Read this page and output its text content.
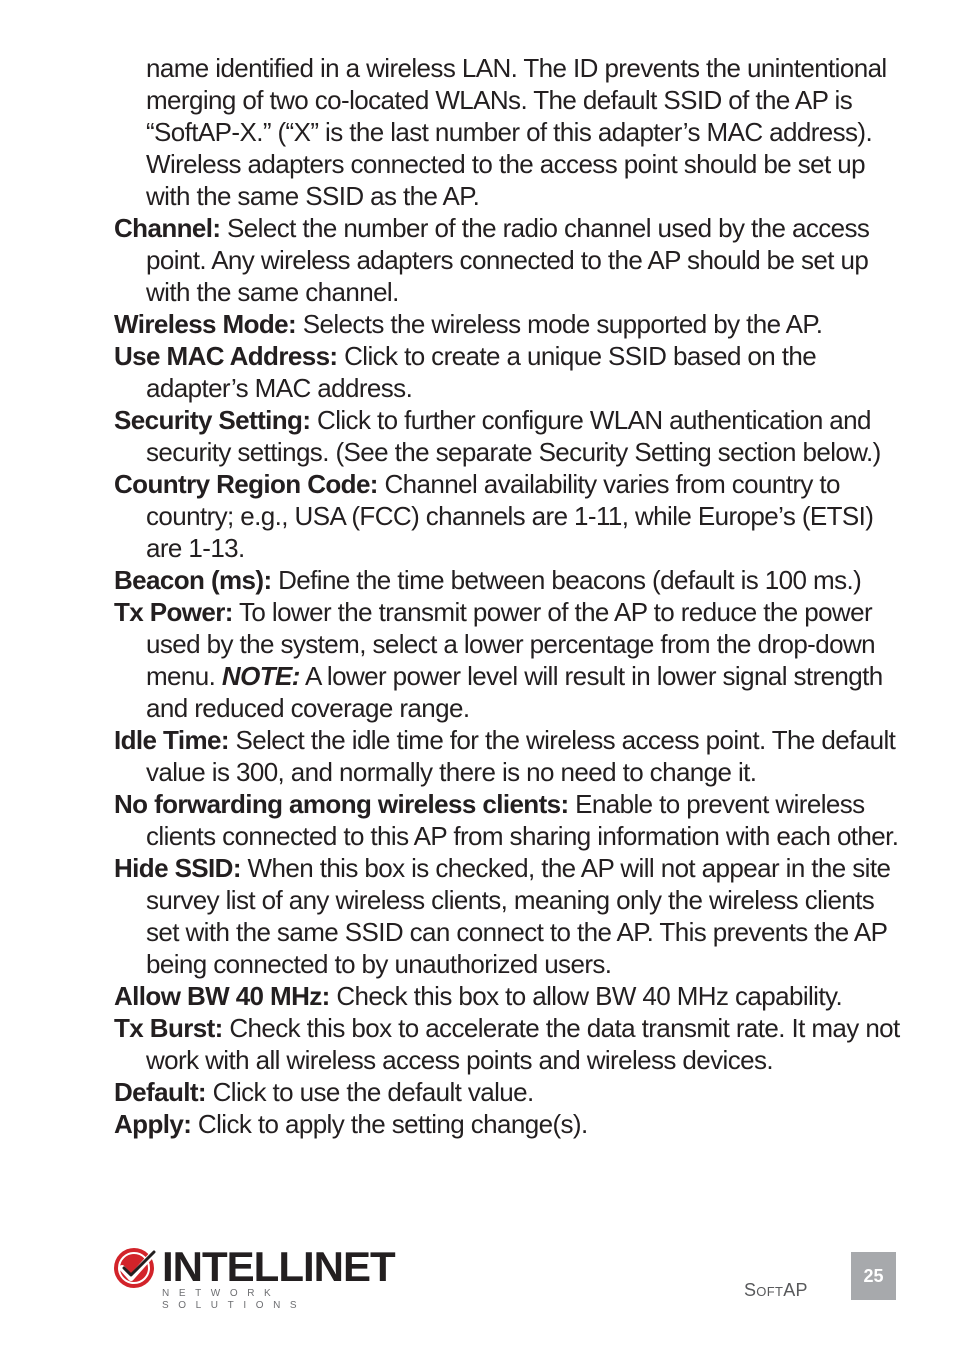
name identified in a wireless LAN. The ID prevents the unintentional merging of two co-located WLANs. The default SSID of the AP is “SoftAP-X.” (“X” is the last number of this adapter’s MAC address). Wireless adapters connected to the access point should be set up with the same SSID as the AP.

Channel: Select the number of the radio channel used by the access point. Any wireless adapters connected to the AP should be set up with the same channel.

Wireless Mode: Selects the wireless mode supported by the AP.

Use MAC Address: Click to create a unique SSID based on the adapter’s MAC address.

Security Setting: Click to further configure WLAN authentication and security settings. (See the separate Security Setting section below.)

Country Region Code: Channel availability varies from country to country; e.g., USA (FCC) channels are 1-11, while Europe’s (ETSI) are 1-13.

Beacon (ms): Define the time between beacons (default is 100 ms.)

Tx Power: To lower the transmit power of the AP to reduce the power used by the system, select a lower percentage from the drop-down menu. NOTE: A lower power level will result in lower signal strength and reduced coverage range.

Idle Time: Select the idle time for the wireless access point. The default value is 300, and normally there is no need to change it.

No forwarding among wireless clients: Enable to prevent wireless clients connected to this AP from sharing information with each other.

Hide SSID: When this box is checked, the AP will not appear in the site survey list of any wireless clients, meaning only the wireless clients set with the same SSID can connect to the AP. This prevents the AP being connected to by unauthorized users.

Allow BW 40 MHz: Check this box to allow BW 40 MHz capability.

Tx Burst: Check this box to accelerate the data transmit rate. It may not work with all wireless access points and wireless devices.

Default: Click to use the default value.

Apply: Click to apply the setting change(s).

INTELLINET
NETWORK SOLUTIONS
SoftAP
25
